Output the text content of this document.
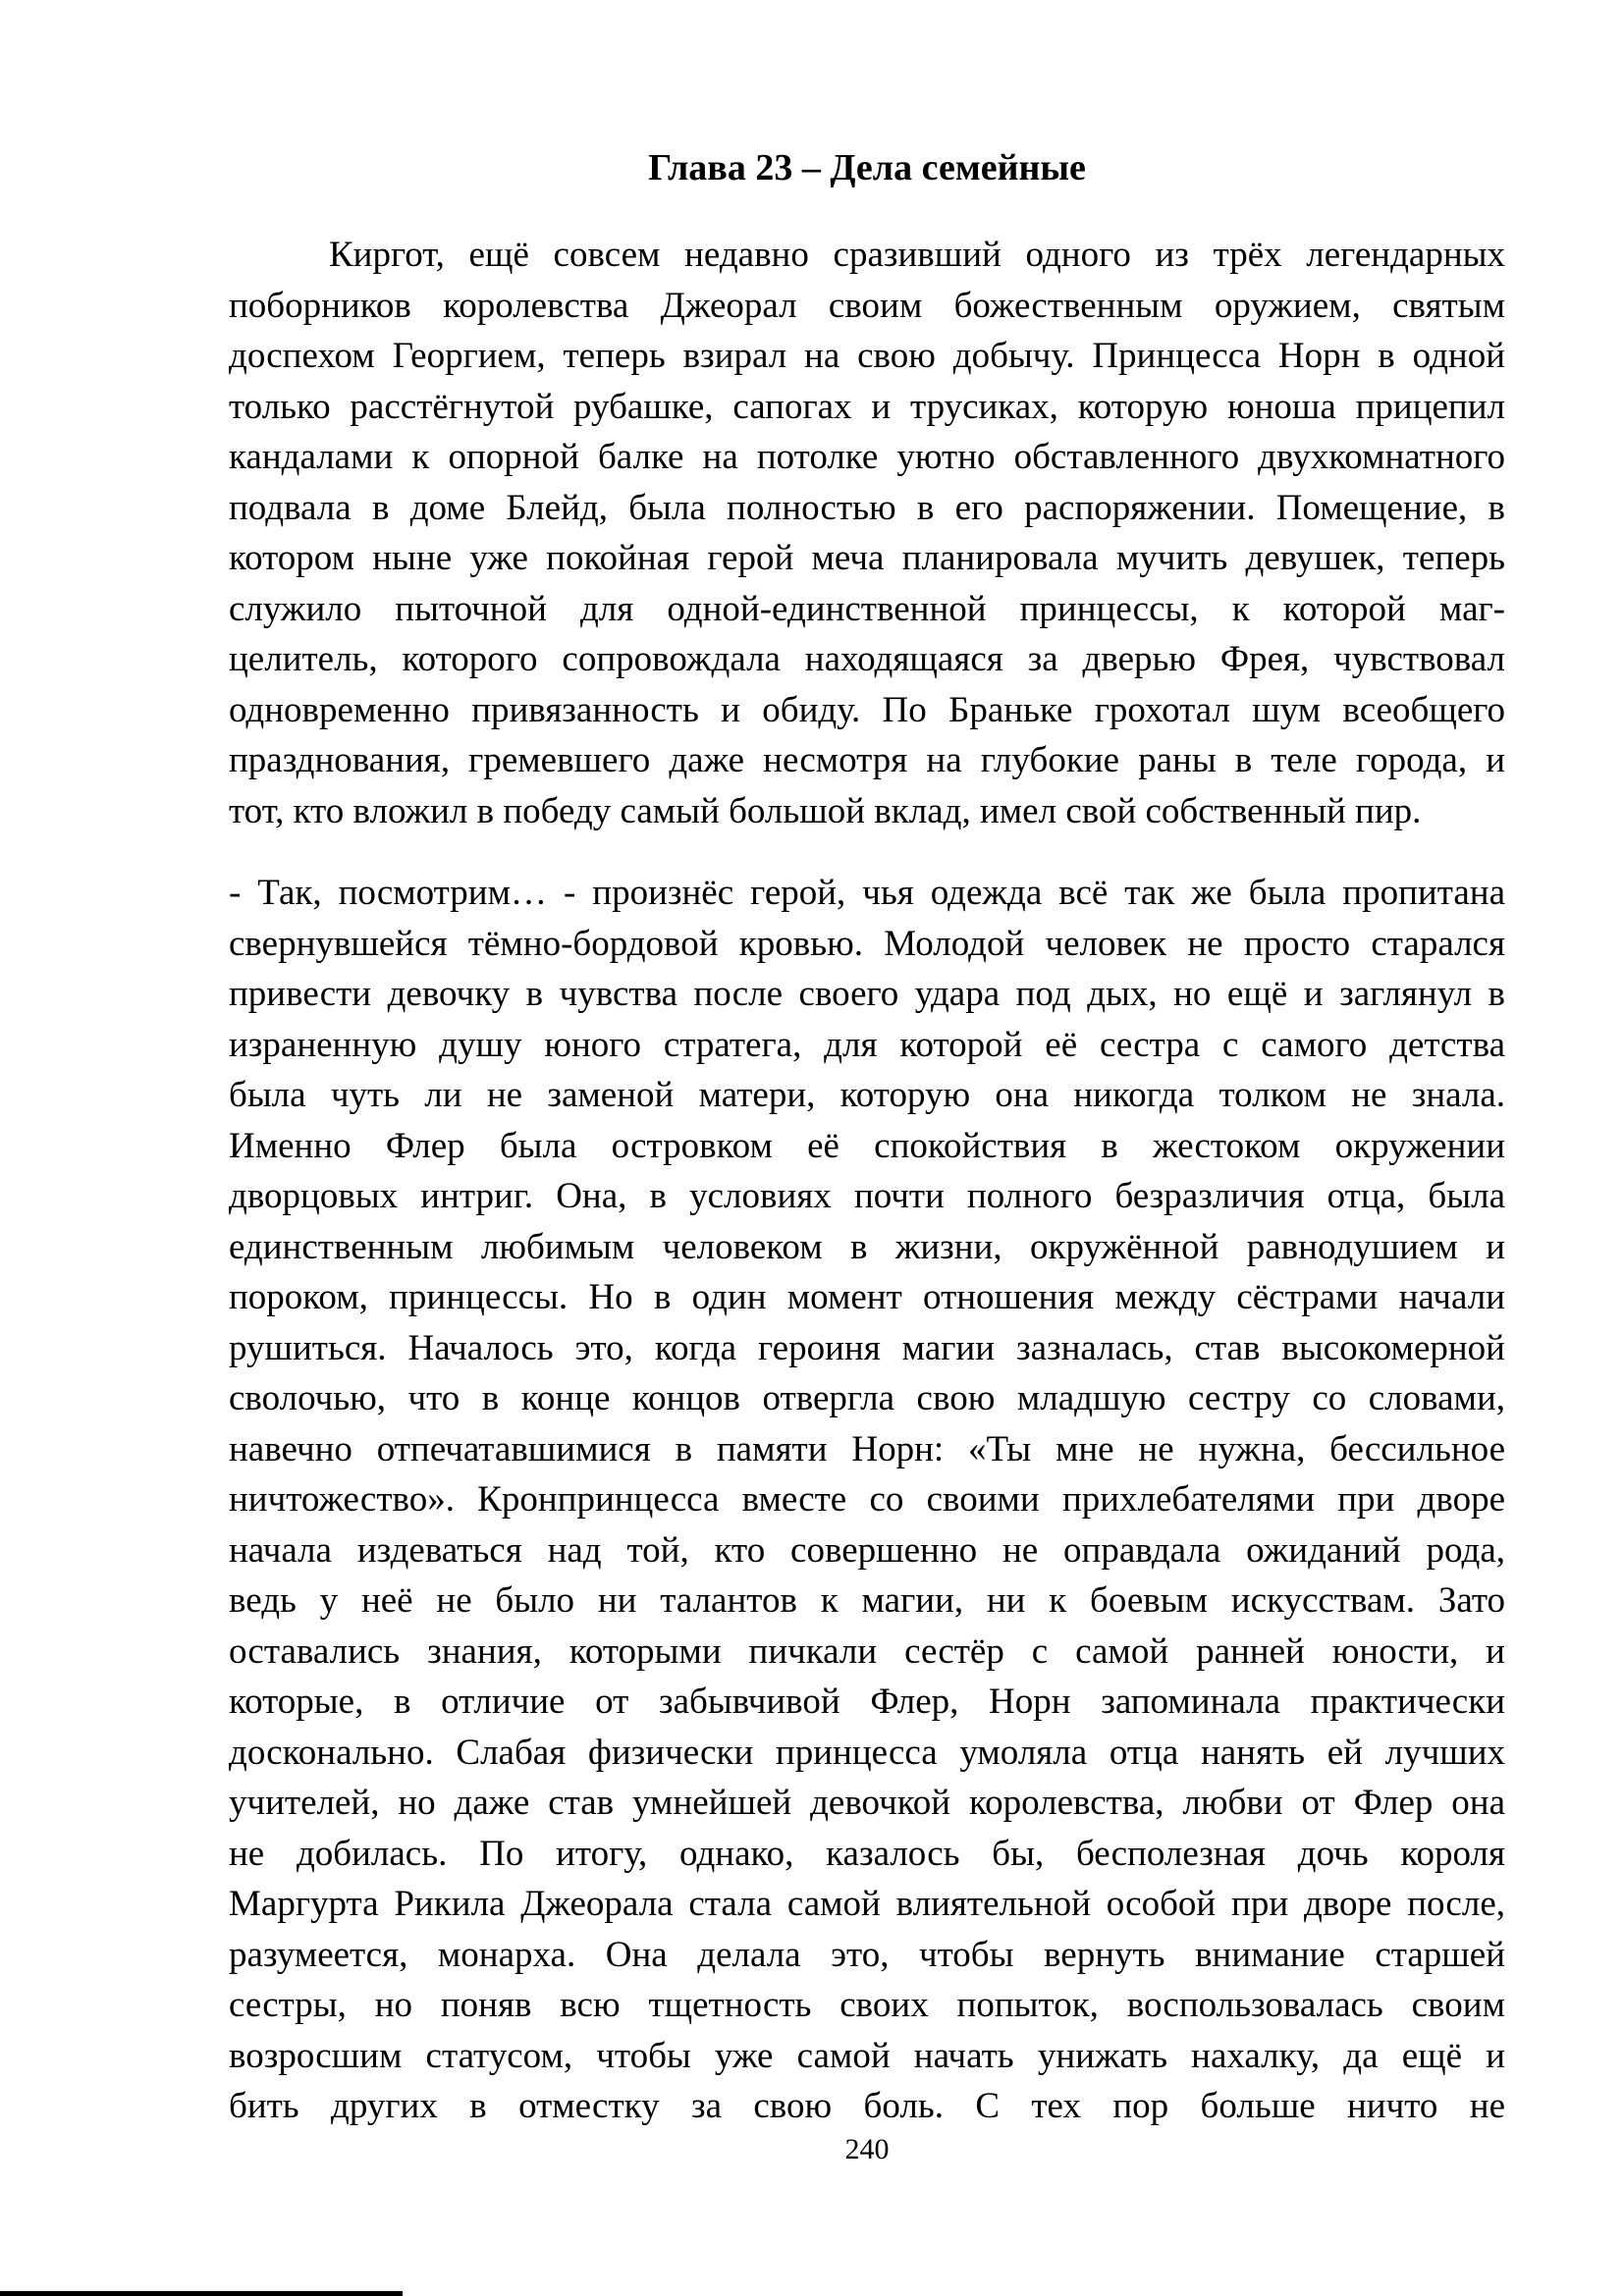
Глава 23 – Дела семейные
Киргот, ещё совсем недавно сразивший одного из трёх легендарных
поборников королевства Джеорал своим божественным оружием, святым
доспехом Георгием, теперь взирал на свою добычу. Принцесса Норн в одной
только расстёгнутой рубашке, сапогах и трусиках, которую юноша прицепил
кандалами к опорной балке на потолке уютно обставленного двухкомнатного
подвала в доме Блейд, была полностью в его распоряжении. Помещение, в
котором ныне уже покойная герой меча планировала мучить девушек, теперь
служило пыточной для одной-единственной принцессы, к которой маг-
целитель, которого сопровождала находящаяся за дверью Фрея, чувствовал
одновременно привязанность и обиду. По Браньке грохотал шум всеобщего
празднования, гремевшего даже несмотря на глубокие раны в теле города, и
тот, кто вложил в победу самый большой вклад, имел свой собственный пир.
- Так, посмотрим… - произнёс герой, чья одежда всё так же была пропитана
свернувшейся тёмно-бордовой кровью. Молодой человек не просто старался
привести девочку в чувства после своего удара под дых, но ещё и заглянул в
израненную душу юного стратега, для которой её сестра с самого детства
была чуть ли не заменой матери, которую она никогда толком не знала.
Именно Флер была островком её спокойствия в жестоком окружении
дворцовых интриг. Она, в условиях почти полного безразличия отца, была
единственным любимым человеком в жизни, окружённой равнодушием и
пороком, принцессы. Но в один момент отношения между сёстрами начали
рушиться. Началось это, когда героиня магии зазналась, став высокомерной
сволочью, что в конце концов отвергла свою младшую сестру со словами,
навечно отпечатавшимися в памяти Норн: «Ты мне не нужна, бессильное
ничтожество». Кронпринцесса вместе со своими прихлебателями при дворе
начала издеваться над той, кто совершенно не оправдала ожиданий рода,
ведь у неё не было ни талантов к магии, ни к боевым искусствам. Зато
оставались знания, которыми пичкали сестёр с самой ранней юности, и
которые, в отличие от забывчивой Флер, Норн запоминала практически
досконально. Слабая физически принцесса умоляла отца нанять ей лучших
учителей, но даже став умнейшей девочкой королевства, любви от Флер она
не добилась. По итогу, однако, казалось бы, бесполезная дочь короля
Маргурта Рикила Джеорала стала самой влиятельной особой при дворе после,
разумеется, монарха. Она делала это, чтобы вернуть внимание старшей
сестры, но поняв всю тщетность своих попыток, воспользовалась своим
возросшим статусом, чтобы уже самой начать унижать нахалку, да ещё и
бить других в отместку за свою боль. С тех пор больше ничто не
240
